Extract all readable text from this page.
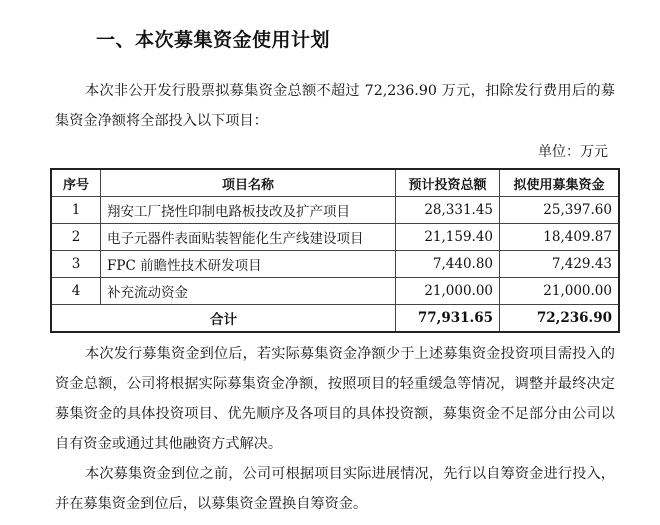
一、本次募集资金使用计划

本次非公开发行股票拟募集资金总额不超过 72,236.90 万元，扣除发行费用后的募集资金净额将全部投入以下项目：

单位：万元
序号	项目名称	预计投资总额	拟使用募集资金
1	翔安工厂挠性印制电路板技改及扩产项目	28,331.45	25,397.60
2	电子元器件表面贴装智能化生产线建设项目	21,159.40	18,409.87
3	FPC 前瞻性技术研发项目	7,440.80	7,429.43
4	补充流动资金	21,000.00	21,000.00
合计		77,931.65	72,236.90

本次发行募集资金到位后，若实际募集资金净额少于上述募集资金投资项目需投入的资金总额，公司将根据实际募集资金净额，按照项目的轻重缓急等情况，调整并最终决定募集资金的具体投资项目、优先顺序及各项目的具体投资额，募集资金不足部分由公司以自有资金或通过其他融资方式解决。

本次募集资金到位之前，公司可根据项目实际进展情况，先行以自筹资金进行投入，并在募集资金到位后，以募集资金置换自筹资金。
